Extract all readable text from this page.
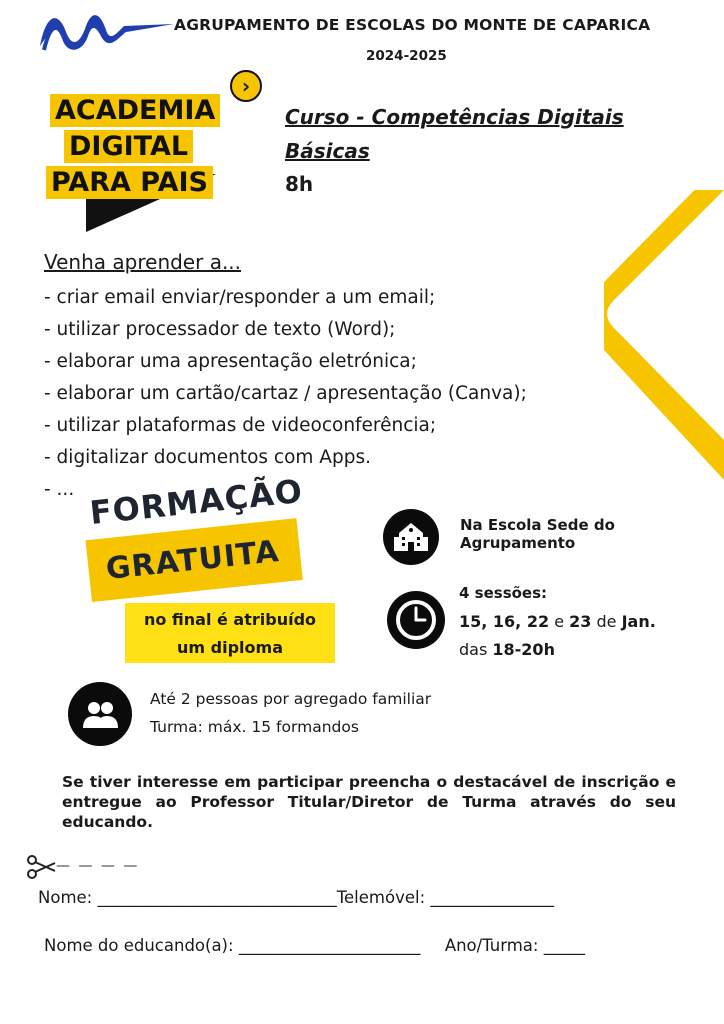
AGRUPAMENTO DE ESCOLAS DO MONTE DE CAPARICA
2024-2025
ACADEMIA
DIGITAL
PARA PAIS
›
Curso - Competências Digitais Básicas
8h
Venha aprender a...
- criar email enviar/responder a um email;
- utilizar processador de texto (Word);
- elaborar uma apresentação eletrónica;
- elaborar um cartão/cartaz / apresentação (Canva);
- utilizar plataformas de videoconferência;
- digitalizar documentos com Apps.
- ... FORMAÇÃO
GRATUITA
no final é atribuído
um diploma
Na Escola Sede do Agrupamento
4 sessões:
15, 16, 22 e 23 de Jan.
das 18-20h
Até 2 pessoas por agregado familiar
Turma: máx. 15 formandos
Se tiver interesse em participar preencha o destacável de inscrição e entregue ao Professor Titular/Diretor de Turma através do seu educando.
— — — —
Nome: _____________________________Telemóvel: _______________
Nome do educando(a): ______________________ Ano/Turma: _____
